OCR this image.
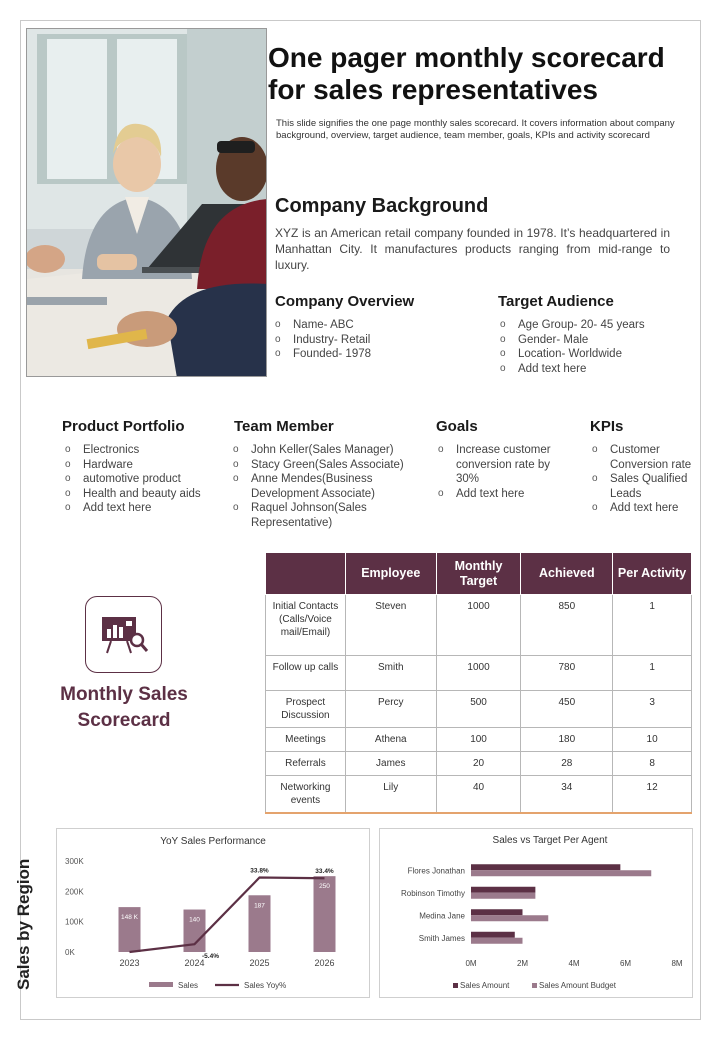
One pager monthly scorecard for sales representatives
This slide signifies the one page monthly sales scorecard. It covers information about company background, overview, target audience, team member, goals, KPIs and activity scorecard
Company Background
XYZ is an American retail company founded in 1978. It’s headquartered in Manhattan City. It manufactures products ranging from mid-range to luxury.
Company Overview
o Name- ABC
o Industry- Retail
o Founded- 1978
Target Audience
o Age Group- 20- 45 years
o Gender- Male
o Location- Worldwide
o Add text here
Product Portfolio
o Electronics
o Hardware
o automotive product
o Health and beauty aids
o Add text here
Team Member
o John Keller(Sales Manager)
o Stacy Green(Sales Associate)
o Anne Mendes(Business Development Associate)
o Raquel Johnson(Sales Representative)
Goals
o Increase customer conversion rate by 30%
o Add text here
KPIs
o Customer Conversion rate
o Sales Qualified Leads
o Add text here
Monthly Sales Scorecard
	Employee	Monthly Target	Achieved	Per Activity
Initial Contacts (Calls/Voice mail/Email)	Steven	1000	850	1
Follow up calls	Smith	1000	780	1
Prospect Discussion	Percy	500	450	3
Meetings	Athena	100	180	10
Referrals	James	20	28	8
Networking events	Lily	40	34	12
Sales by Region
YoY Sales Performance
300K
200K
100K
0K
148 K
2023
140
2024
187
2025
250
2026
-5.4%
33.8%	33.4%
Sales	Sales Yoy%
Sales vs Target Per Agent
Flores Jonathan
Robinson Timothy
Medina Jane
Smith James
0M	2M	4M	6M	8M
Sales Amount	Sales Amount Budget
